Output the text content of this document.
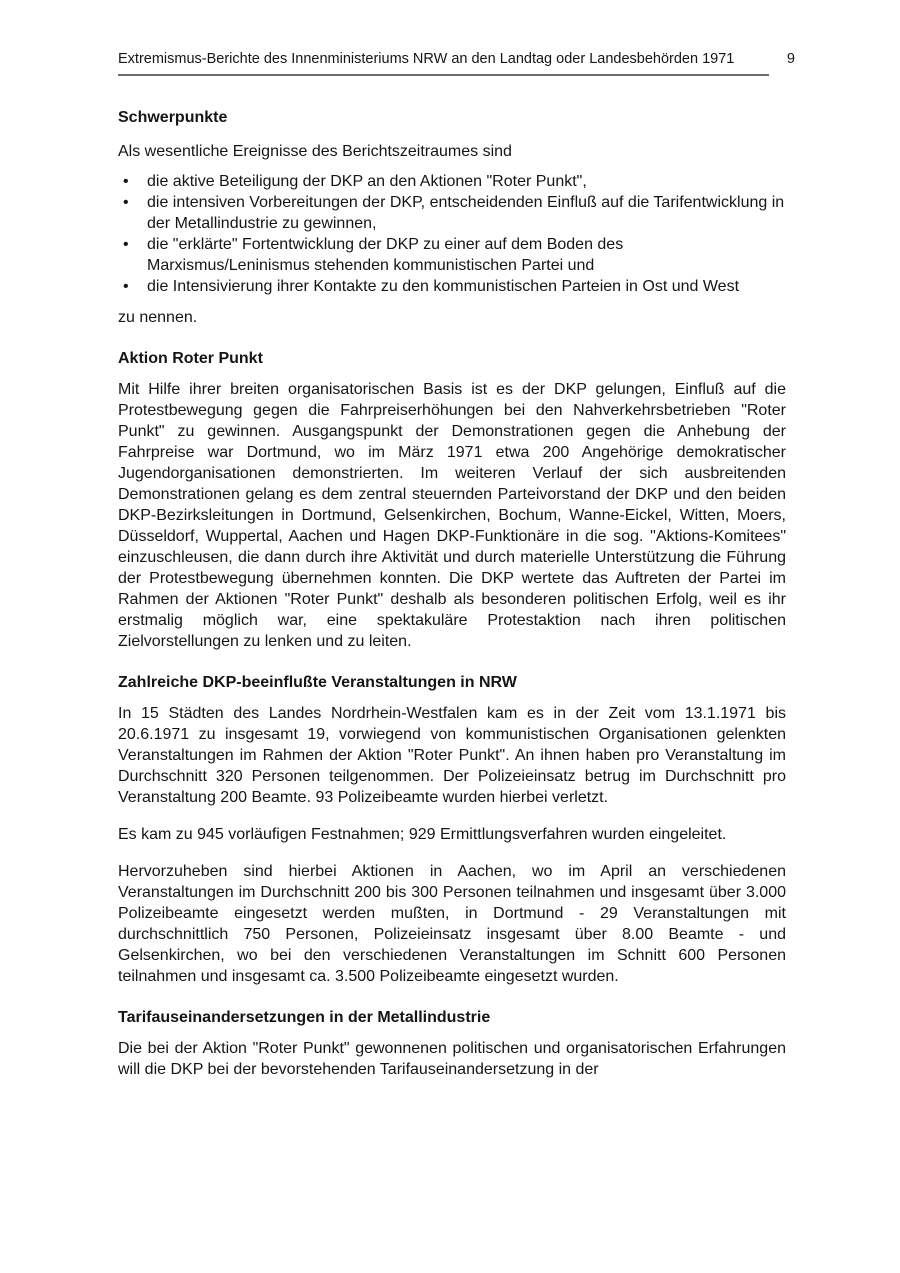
Extremismus-Berichte des Innenministeriums NRW an den Landtag oder Landesbehörden 1971	9
Schwerpunkte

Als wesentliche Ereignisse des Berichtszeitraumes sind

•	die aktive Beteiligung der DKP an den Aktionen "Roter Punkt",
•	die intensiven Vorbereitungen der DKP, entscheidenden Einfluß auf die Tarifentwicklung in der Metallindustrie zu gewinnen,
•	die "erklärte" Fortentwicklung der DKP zu einer auf dem Boden des Marxismus/Leninismus stehenden kommunistischen Partei und
•	die Intensivierung ihrer Kontakte zu den kommunistischen Parteien in Ost und West

zu nennen.

Aktion Roter Punkt

Mit Hilfe ihrer breiten organisatorischen Basis ist es der DKP gelungen, Einfluß auf die Protestbewegung gegen die Fahrpreiserhöhungen bei den Nahverkehrsbetrieben "Roter Punkt" zu gewinnen. Ausgangspunkt der Demonstrationen gegen die Anhebung der Fahrpreise war Dortmund, wo im März 1971 etwa 200 Angehörige demokratischer Jugendorganisationen demonstrierten. Im weiteren Verlauf der sich ausbreitenden Demonstrationen gelang es dem zentral steuernden Parteivorstand der DKP und den beiden DKP-Bezirksleitungen in Dortmund, Gelsenkirchen, Bochum, Wanne-Eickel, Witten, Moers, Düsseldorf, Wuppertal, Aachen und Hagen DKP-Funktionäre in die sog. "Aktions-Komitees" einzuschleusen, die dann durch ihre Aktivität und durch materielle Unterstützung die Führung der Protestbewegung übernehmen konnten. Die DKP wertete das Auftreten der Partei im Rahmen der Aktionen "Roter Punkt" deshalb als besonderen politischen Erfolg, weil es ihr erstmalig möglich war, eine spektakuläre Protestaktion nach ihren politischen Zielvorstellungen zu lenken und zu leiten.

Zahlreiche DKP-beeinflußte Veranstaltungen in NRW

In 15 Städten des Landes Nordrhein-Westfalen kam es in der Zeit vom 13.1.1971 bis 20.6.1971 zu insgesamt 19, vorwiegend von kommunistischen Organisationen gelenkten Veranstaltungen im Rahmen der Aktion "Roter Punkt". An ihnen haben pro Veranstaltung im Durchschnitt 320 Personen teilgenommen. Der Polizeieinsatz betrug im Durchschnitt pro Veranstaltung 200 Beamte. 93 Polizeibeamte wurden hierbei verletzt.

Es kam zu 945 vorläufigen Festnahmen; 929 Ermittlungsverfahren wurden eingeleitet.

Hervorzuheben sind hierbei Aktionen in Aachen, wo im April an verschiedenen Veranstaltungen im Durchschnitt 200 bis 300 Personen teilnahmen und insgesamt über 3.000 Polizeibeamte eingesetzt werden mußten, in Dortmund - 29 Veranstaltungen mit durchschnittlich 750 Personen, Polizeieinsatz insgesamt über 8.00 Beamte - und Gelsenkirchen, wo bei den verschiedenen Veranstaltungen im Schnitt 600 Personen teilnahmen und insgesamt ca. 3.500 Polizeibeamte eingesetzt wurden.

Tarifauseinandersetzungen in der Metallindustrie

Die bei der Aktion "Roter Punkt" gewonnenen politischen und organisatorischen Erfahrungen will die DKP bei der bevorstehenden Tarifauseinandersetzung in der
